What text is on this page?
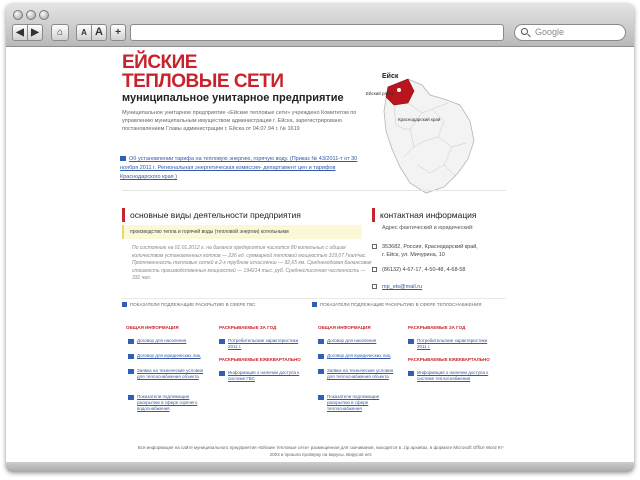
◀ ▶	⌂	A A	+	Google
ЕЙСКИЕ
ТЕПЛОВЫЕ СЕТИ
муниципальное унитарное предприятие
Муниципальное унитарное предприятие «Ейские тепловые сети» учреждено Комитетом по управлению муниципальным имуществом администрации г. Ейска, зарегистрировано постановлением Главы администрации г. Ейска от 04.07.94 г. № 1619
Об установлении тарифа на тепловую энергию, горячую воду. (Приказ № 43/2011-т от 30 ноября 2011 г. Региональная энергетическая комиссия- департамент цен и тарифов Краснодарского края )
Ейск
Ейский район
Краснодарский край
основные виды деятельности предприятия
производство тепла и горячей воды (тепловой энергии) котельными
По состоянию на 01.01.2012 г. на балансе предприятия числится 80 котельных с общим количеством установленных котлов — 226 ед. суммарной тепловой мощностью 319,07 Гкал/час. Протяженность тепловых сетей в 2-х трубном исчислении — 92,65 км. Среднегодовая балансовая стоимость производственных мощностей — 194214 тыс. руб. Среднесписочная численность — 331 чел.
контактная информация
Адрес фактический и юридический:
353682, Россия, Краснодарский край,
г. Ейск, ул. Мичурина, 10
(86132) 4-67-17, 4-50-48, 4-68-58
mp_ets@mail.ru
ПОКАЗАТЕЛИ ПОДЛЕЖАЩИЕ РАСКРЫТИЮ В СФЕРЕ ГВС	ПОКАЗАТЕЛИ ПОДЛЕЖАЩИЕ РАСКРЫТИЮ В СФЕРЕ ТЕПЛОСНАБЖЕНИЯ
ОБЩАЯ ИНФОРМАЦИЯ
Договор для населения
Договор для юридических лиц
Заявка на технические условия для теплоснабжения объекта
Показатели подлежащие раскрытию в сфере горячего водоснабжения
РАСКРЫВАЕМЫЕ ЗА ГОД
Потребительские характеристики 2011 г.
РАСКРЫВАЕМЫЕ ЕЖЕКВАРТАЛЬНО
Информация о наличии доступа к системе ГВС
ОБЩАЯ ИНФОРМАЦИЯ
Договор для населения
Договор для юридических лиц
Заявка на технические условия для теплоснабжения объекта
Показатели подлежащие раскрытию в сфере теплоснабжения
РАСКРЫВАЕМЫЕ ЗА ГОД
Потребительские характеристики 2011 г.
РАСКРЫВАЕМЫЕ ЕЖЕКВАРТАЛЬНО
Информация о наличии доступа к системе теплоснабжения
Вся информация на сайте муниципального предприятия «Ейские тепловые сети» размещенная для скачивания, находится в .zip архивах, в формате Microsoft Office Word 97-2003 и прошла проверку на вирусы. Вирусов нет.
